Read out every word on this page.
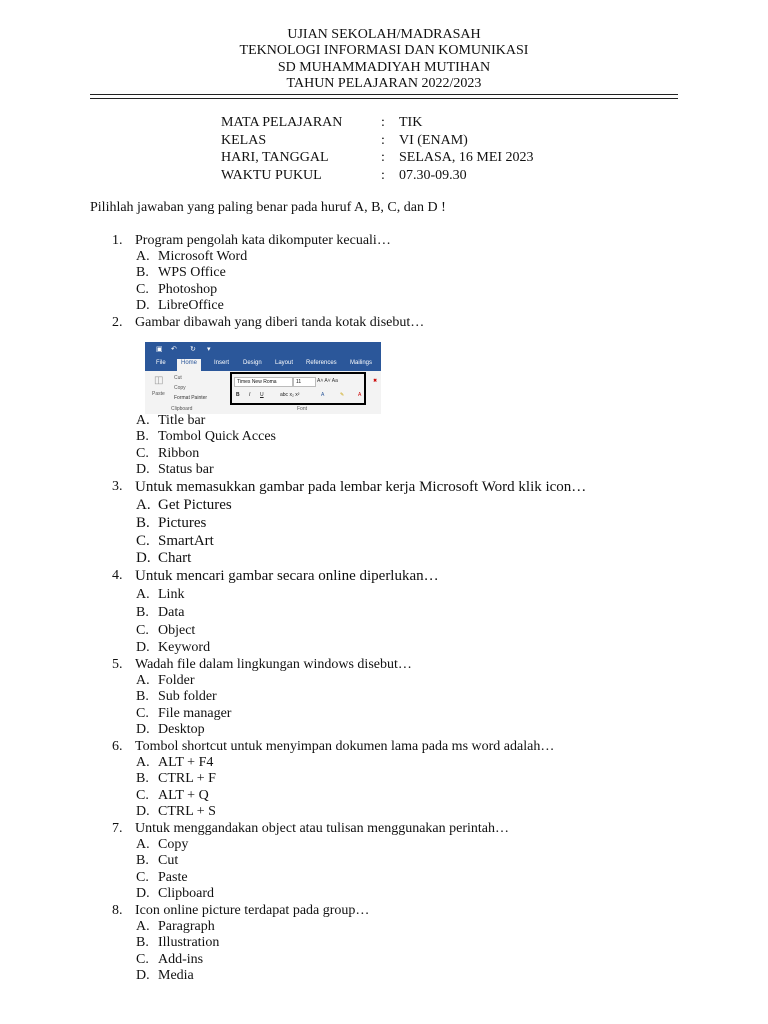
UJIAN SEKOLAH/MADRASAH
TEKNOLOGI INFORMASI DAN KOMUNIKASI
SD MUHAMMADIYAH MUTIHAN
TAHUN PELAJARAN 2022/2023
MATA PELAJARAN	:	TIK
KELAS	:	VI (ENAM)
HARI, TANGGAL	:	SELASA, 16 MEI 2023
WAKTU PUKUL	:	07.30-09.30
Pilihlah jawaban yang paling benar pada huruf A, B, C, dan D !
1. Program pengolah kata dikomputer kecuali…
A. Microsoft Word
B. WPS Office
C. Photoshop
D. LibreOffice
2. Gambar dibawah yang diberi tanda kotak disebut…
▣ ↶ ↻ ▾
File	Home	Insert Design Layout References Mailings
◫
Paste
Cut
Copy
Format Painter
Clipboard
Times New Roma	11	A˄ A˅ Aa
B I U	abc x₂ x²	A	✎	A
✖
Font
A. Title bar
B. Tombol Quick Acces
C. Ribbon
D. Status bar
3. Untuk memasukkan gambar pada lembar kerja Microsoft Word klik icon…
A. Get Pictures
B. Pictures
C. SmartArt
D. Chart
4. Untuk mencari gambar secara online diperlukan…
A. Link
B. Data
C. Object
D. Keyword
5. Wadah file dalam lingkungan windows disebut…
A. Folder
B. Sub folder
C. File manager
D. Desktop
6. Tombol shortcut untuk menyimpan dokumen lama pada ms word adalah…
A. ALT + F4
B. CTRL + F
C. ALT + Q
D. CTRL + S
7. Untuk menggandakan object atau tulisan menggunakan perintah…
A. Copy
B. Cut
C. Paste
D. Clipboard
8. Icon online picture terdapat pada group…
A. Paragraph
B. Illustration
C. Add-ins
D. Media
